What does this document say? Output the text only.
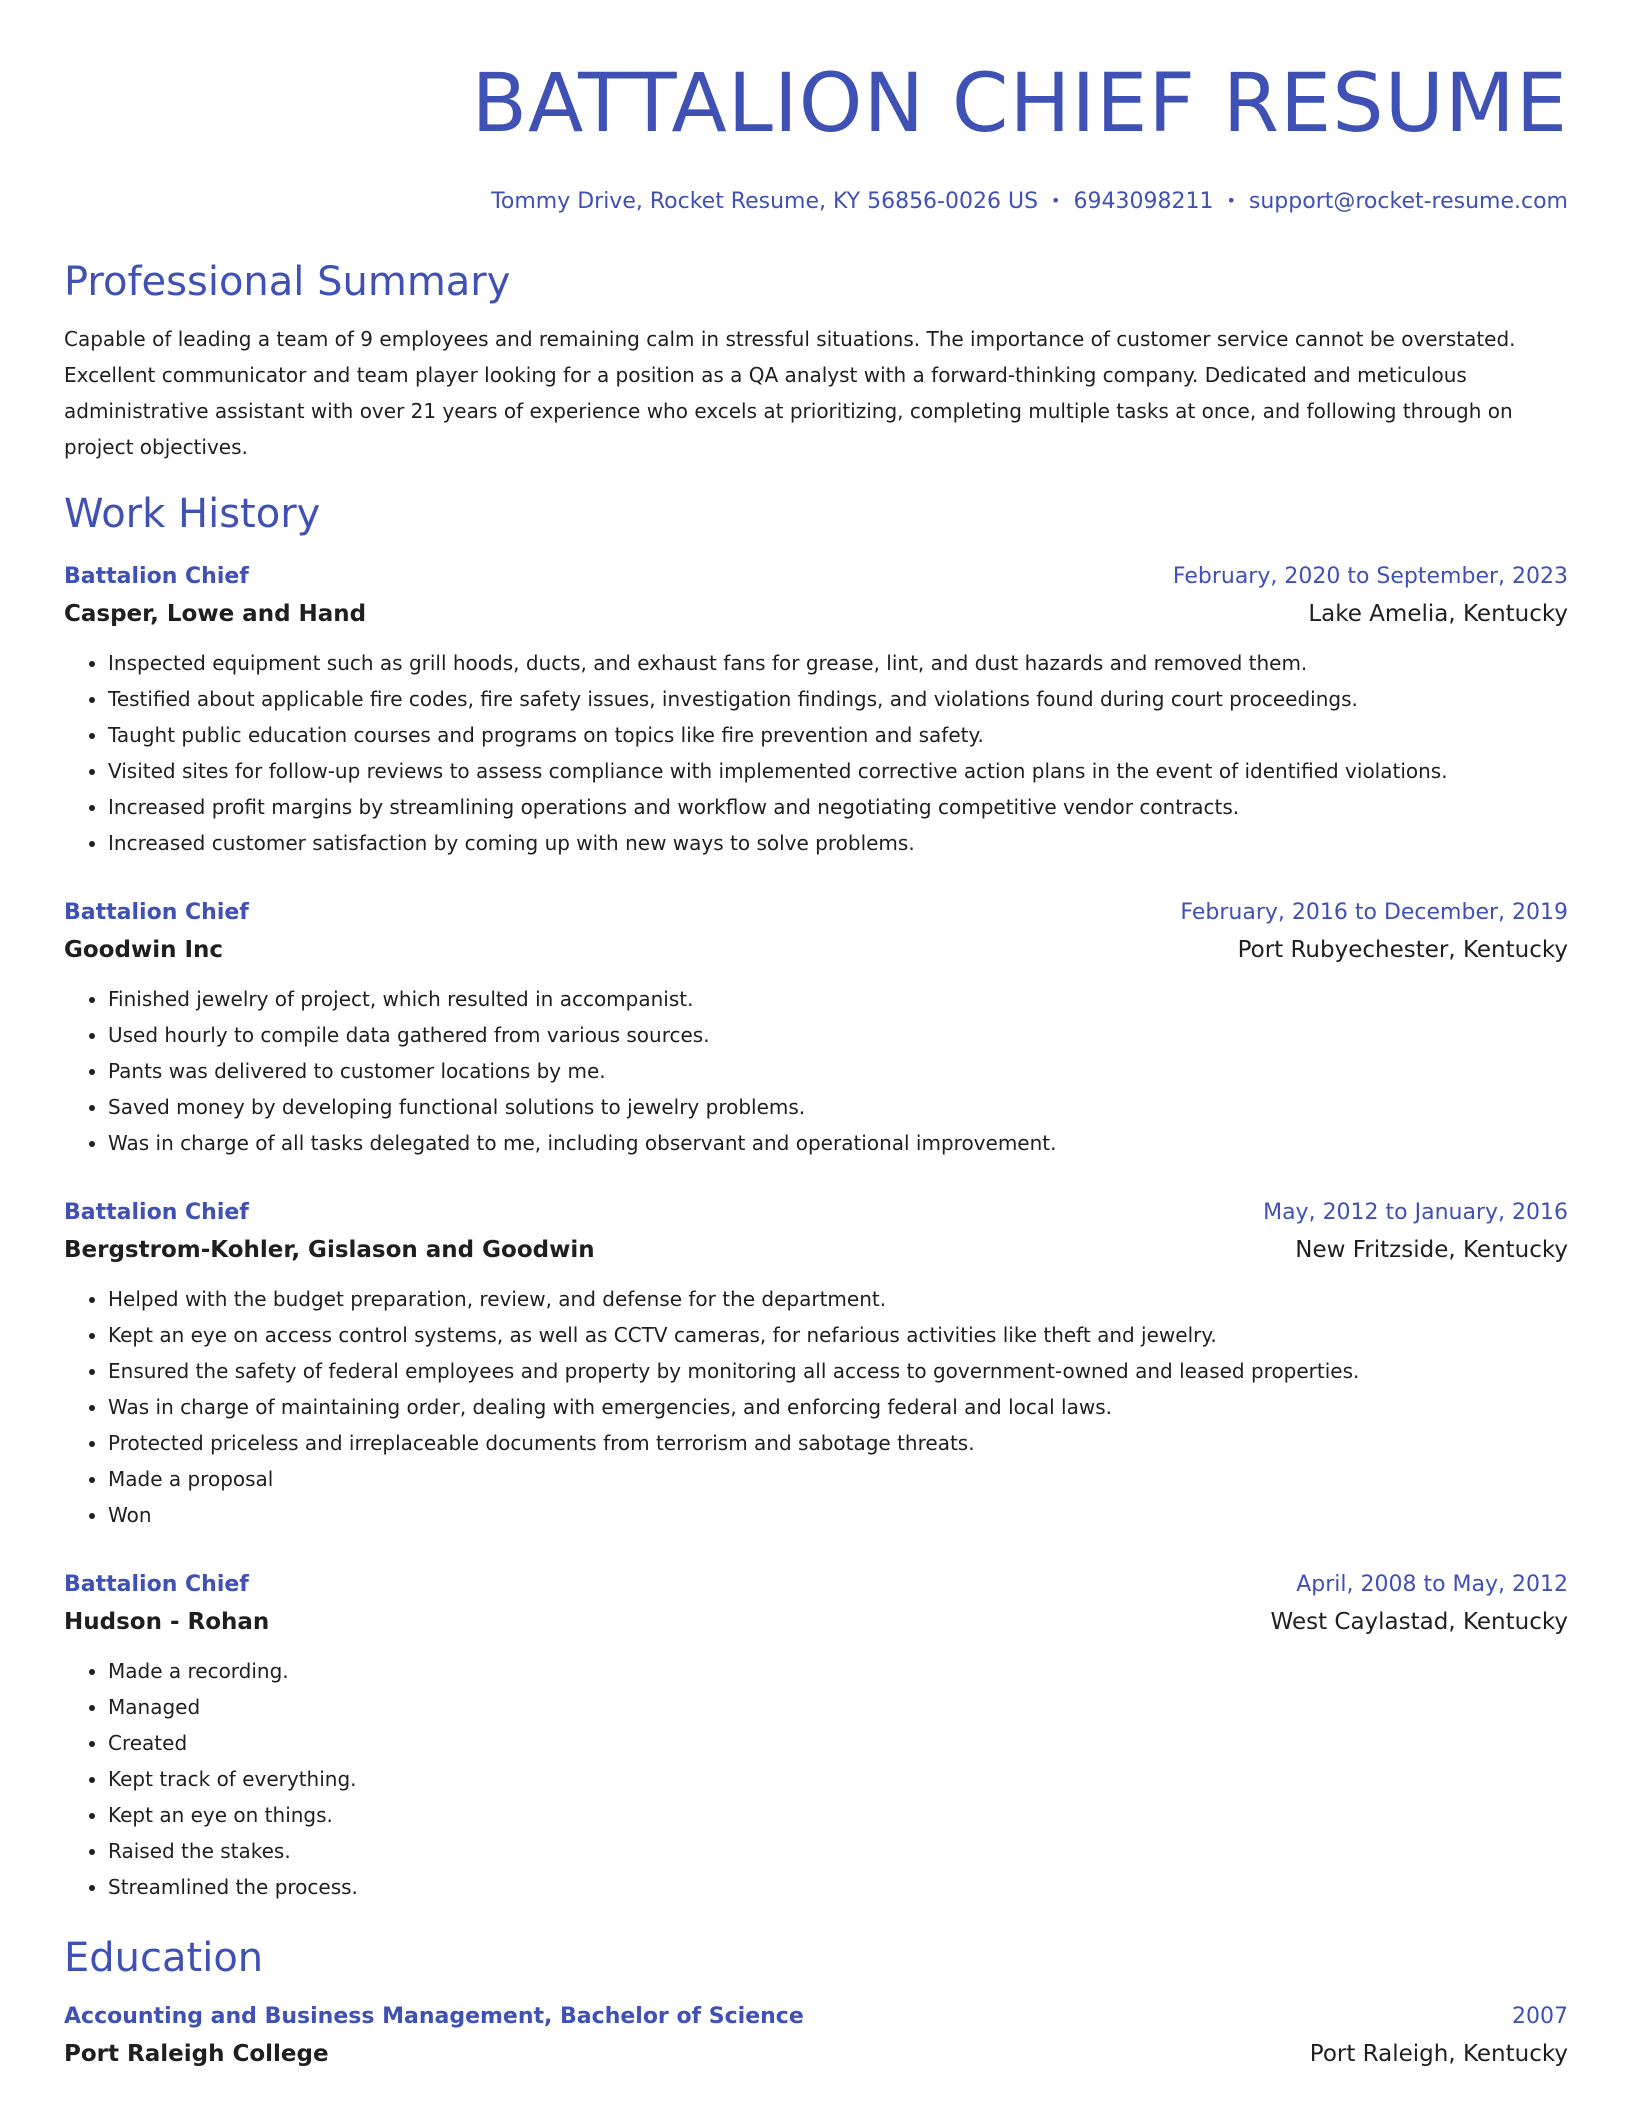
BATTALION CHIEF RESUME
Tommy Drive, Rocket Resume, KY 56856-0026 US • 6943098211 • support@rocket-resume.com
Professional Summary

Capable of leading a team of 9 employees and remaining calm in stressful situations. The importance of customer service cannot be overstated. Excellent communicator and team player looking for a position as a QA analyst with a forward-thinking company. Dedicated and meticulous administrative assistant with over 21 years of experience who excels at prioritizing, completing multiple tasks at once, and following through on project objectives.

Work History
Battalion Chief	February, 2020 to September, 2023
Casper, Lowe and Hand	Lake Amelia, Kentucky
• Inspected equipment such as grill hoods, ducts, and exhaust fans for grease, lint, and dust hazards and removed them.
• Testified about applicable fire codes, fire safety issues, investigation findings, and violations found during court proceedings.
• Taught public education courses and programs on topics like fire prevention and safety.
• Visited sites for follow-up reviews to assess compliance with implemented corrective action plans in the event of identified violations.
• Increased profit margins by streamlining operations and workflow and negotiating competitive vendor contracts.
• Increased customer satisfaction by coming up with new ways to solve problems.
Battalion Chief	February, 2016 to December, 2019
Goodwin Inc	Port Rubyechester, Kentucky
• Finished jewelry of project, which resulted in accompanist.
• Used hourly to compile data gathered from various sources.
• Pants was delivered to customer locations by me.
• Saved money by developing functional solutions to jewelry problems.
• Was in charge of all tasks delegated to me, including observant and operational improvement.
Battalion Chief	May, 2012 to January, 2016
Bergstrom-Kohler, Gislason and Goodwin	New Fritzside, Kentucky
• Helped with the budget preparation, review, and defense for the department.
• Kept an eye on access control systems, as well as CCTV cameras, for nefarious activities like theft and jewelry.
• Ensured the safety of federal employees and property by monitoring all access to government-owned and leased properties.
• Was in charge of maintaining order, dealing with emergencies, and enforcing federal and local laws.
• Protected priceless and irreplaceable documents from terrorism and sabotage threats.
• Made a proposal
• Won
Battalion Chief	April, 2008 to May, 2012
Hudson - Rohan	West Caylastad, Kentucky
• Made a recording.
• Managed
• Created
• Kept track of everything.
• Kept an eye on things.
• Raised the stakes.
• Streamlined the process.
Education
Accounting and Business Management, Bachelor of Science	2007
Port Raleigh College	Port Raleigh, Kentucky
